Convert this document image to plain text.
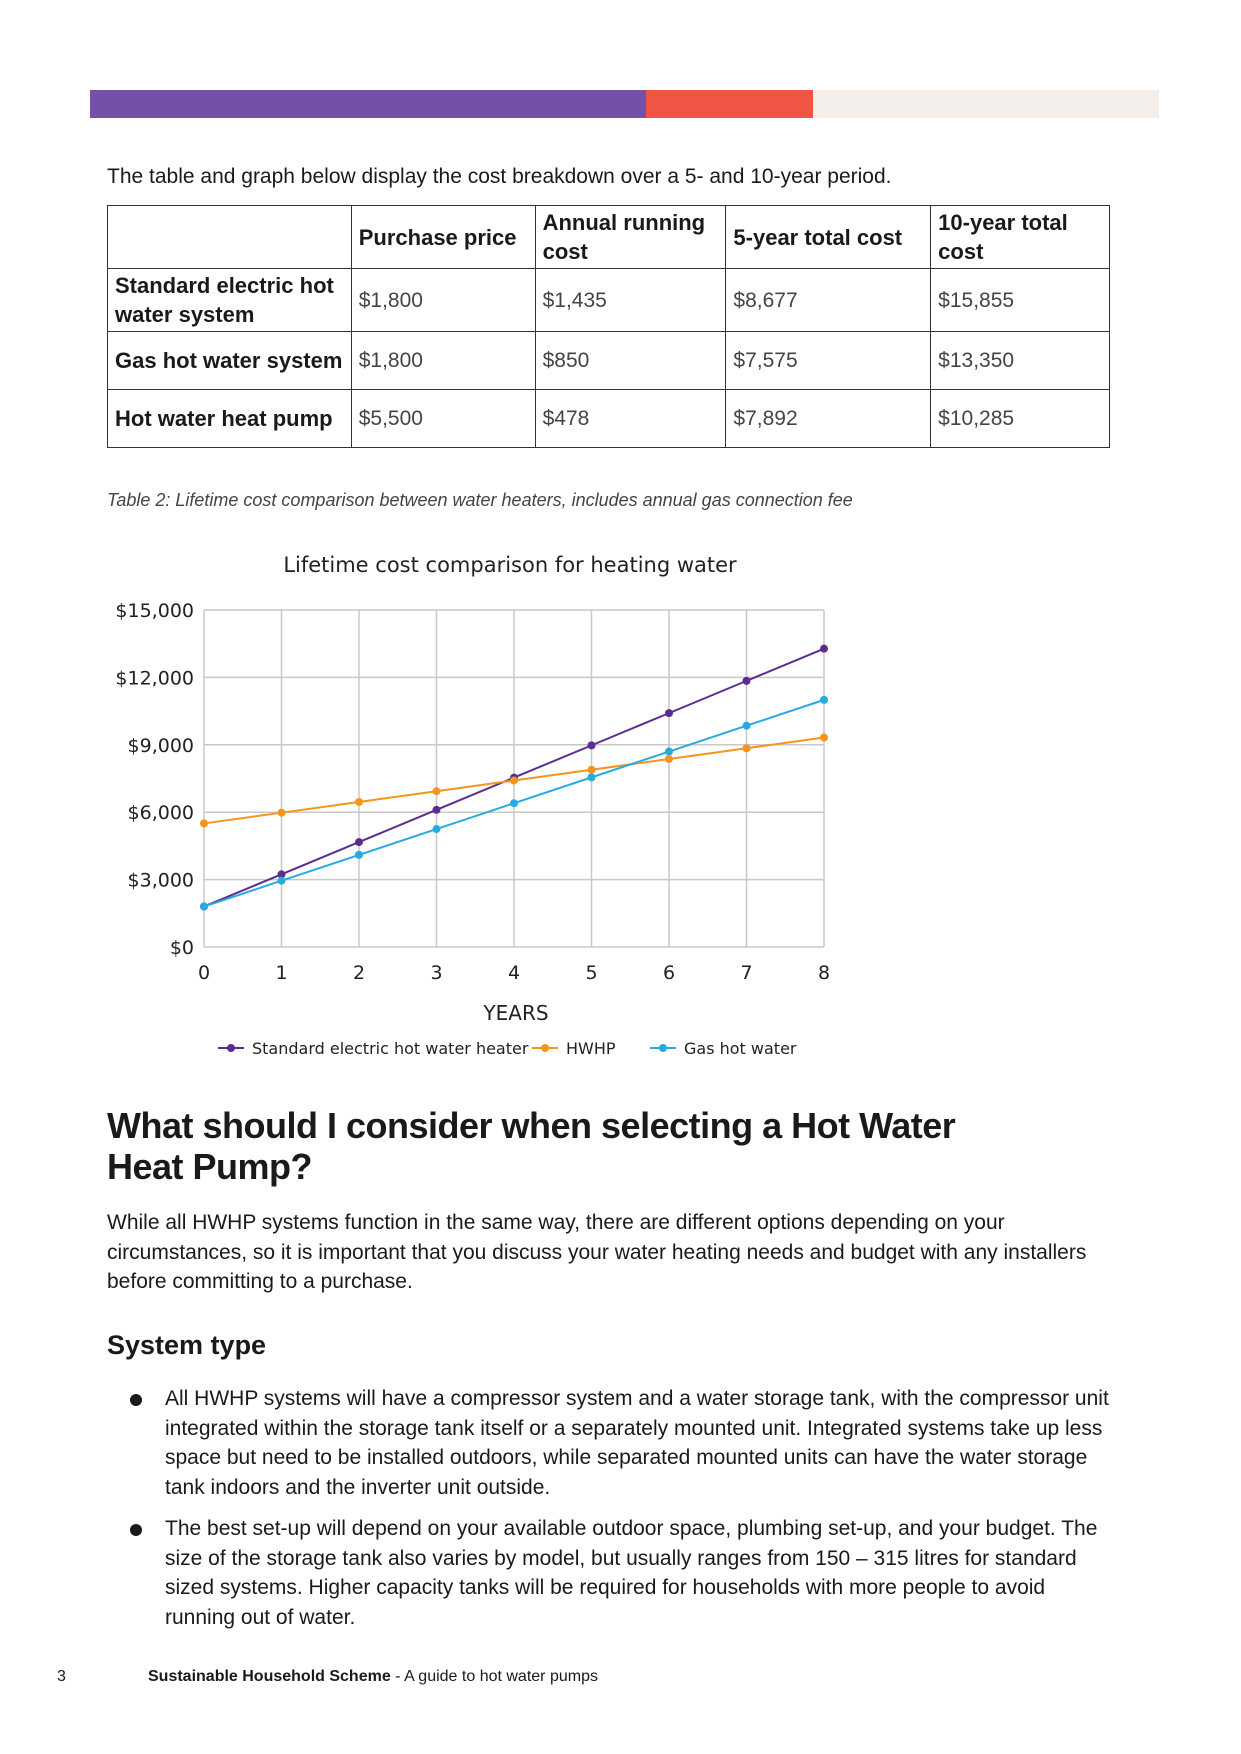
The table and graph below display the cost breakdown over a 5- and 10-year period.

	Purchase price	Annual running cost	5-year total cost	10-year total cost
Standard electric hot water system	$1,800	$1,435	$8,677	$15,855
Gas hot water system	$1,800	$850	$7,575	$13,350
Hot water heat pump	$5,500	$478	$7,892	$10,285

Table 2: Lifetime cost comparison between water heaters, includes annual gas connection fee

Lifetime cost comparison for heating water
$0
$3,000
$6,000
$9,000
$12,000
$15,000
0	1	2	3	4	5	6	7	8
YEARS
Standard electric hot water heater HWHP	Gas hot water
What should I consider when selecting a Hot Water Heat Pump?

While all HWHP systems function in the same way, there are different options depending on your circumstances, so it is important that you discuss your water heating needs and budget with any installers before committing to a purchase.

System type
All HWHP systems will have a compressor system and a water storage tank, with the compressor unit integrated within the storage tank itself or a separately mounted unit. Integrated systems take up less space but need to be installed outdoors, while separated mounted units can have the water storage tank indoors and the inverter unit outside.
The best set-up will depend on your available outdoor space, plumbing set-up, and your budget. The size of the storage tank also varies by model, but usually ranges from 150 – 315 litres for standard sized systems. Higher capacity tanks will be required for households with more people to avoid running out of water.
3	Sustainable Household Scheme - A guide to hot water pumps
